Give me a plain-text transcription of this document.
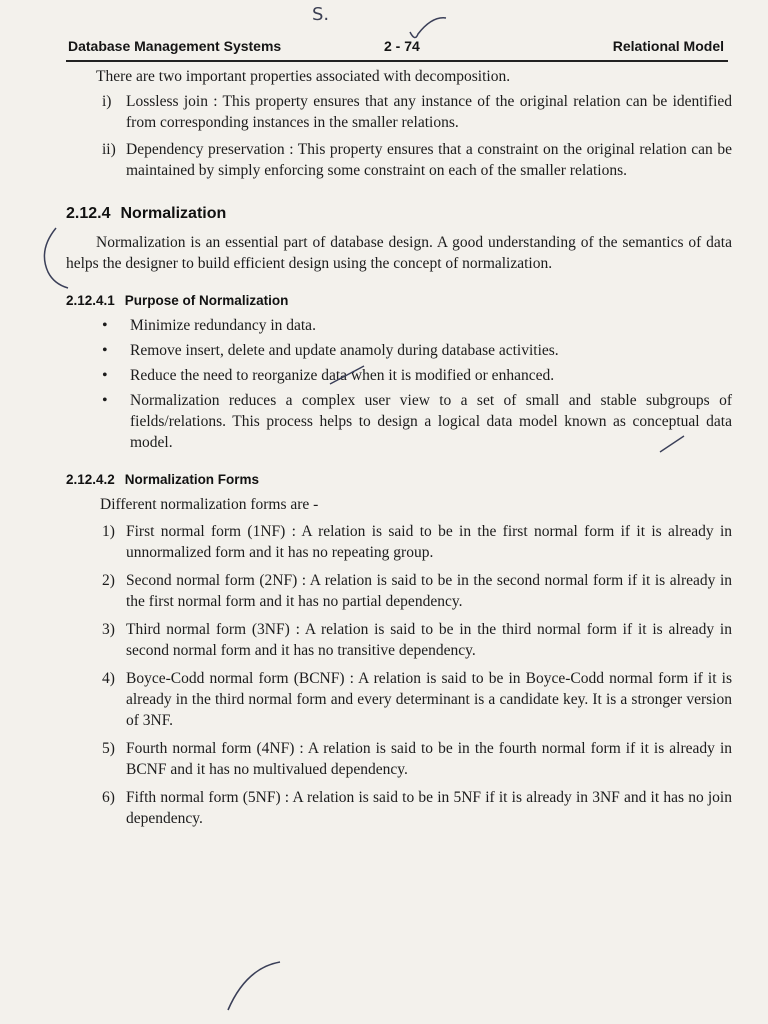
S.
Database Management Systems	2 - 74	Relational Model

There are two important properties associated with decomposition.

i) Lossless join : This property ensures that any instance of the original relation can be identified from corresponding instances in the smaller relations.
ii) Dependency preservation : This property ensures that a constraint on the original relation can be maintained by simply enforcing some constraint on each of the smaller relations.
2.12.4 Normalization

Normalization is an essential part of database design. A good understanding of the semantics of data helps the designer to build efficient design using the concept of normalization.

2.12.4.1 Purpose of Normalization
• Minimize redundancy in data.
• Remove insert, delete and update anamoly during database activities.
• Reduce the need to reorganize data when it is modified or enhanced.
• Normalization reduces a complex user view to a set of small and stable subgroups of fields/relations. This process helps to design a logical data model known as conceptual data model.
2.12.4.2 Normalization Forms

Different normalization forms are -

1) First normal form (1NF) : A relation is said to be in the first normal form if it is already in unnormalized form and it has no repeating group.
2) Second normal form (2NF) : A relation is said to be in the second normal form if it is already in the first normal form and it has no partial dependency.
3) Third normal form (3NF) : A relation is said to be in the third normal form if it is already in second normal form and it has no transitive dependency.
4) Boyce-Codd normal form (BCNF) : A relation is said to be in Boyce-Codd normal form if it is already in the third normal form and every determinant is a candidate key. It is a stronger version of 3NF.
5) Fourth normal form (4NF) : A relation is said to be in the fourth normal form if it is already in BCNF and it has no multivalued dependency.
6) Fifth normal form (5NF) : A relation is said to be in 5NF if it is already in 3NF and it has no join dependency.
